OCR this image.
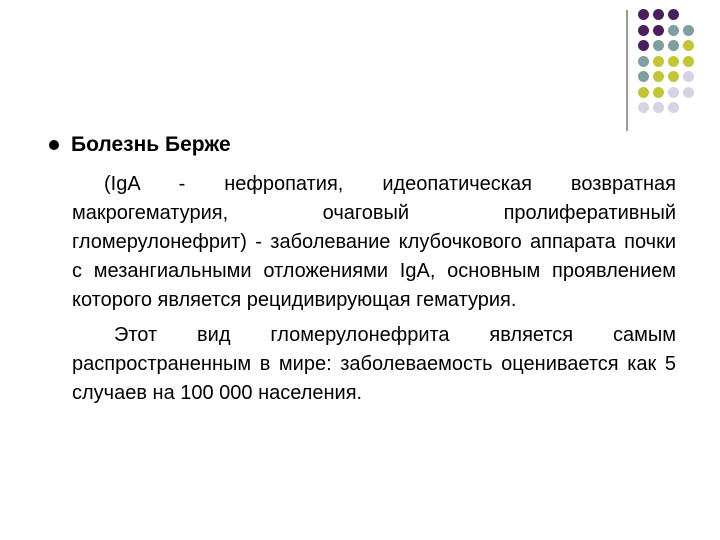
Болезнь Берже

(IgA - нефропатия, идеопатическая возвратная макрогематурия, очаговый пролиферативный гломерулонефрит) - заболевание клубочкового аппарата почки с мезангиальными отложениями IgA, основным проявлением которого является рецидивирующая гематурия.

Этот вид гломерулонефрита является самым распространенным в мире: заболеваемость оценивается как 5 случаев на 100 000 населения.
